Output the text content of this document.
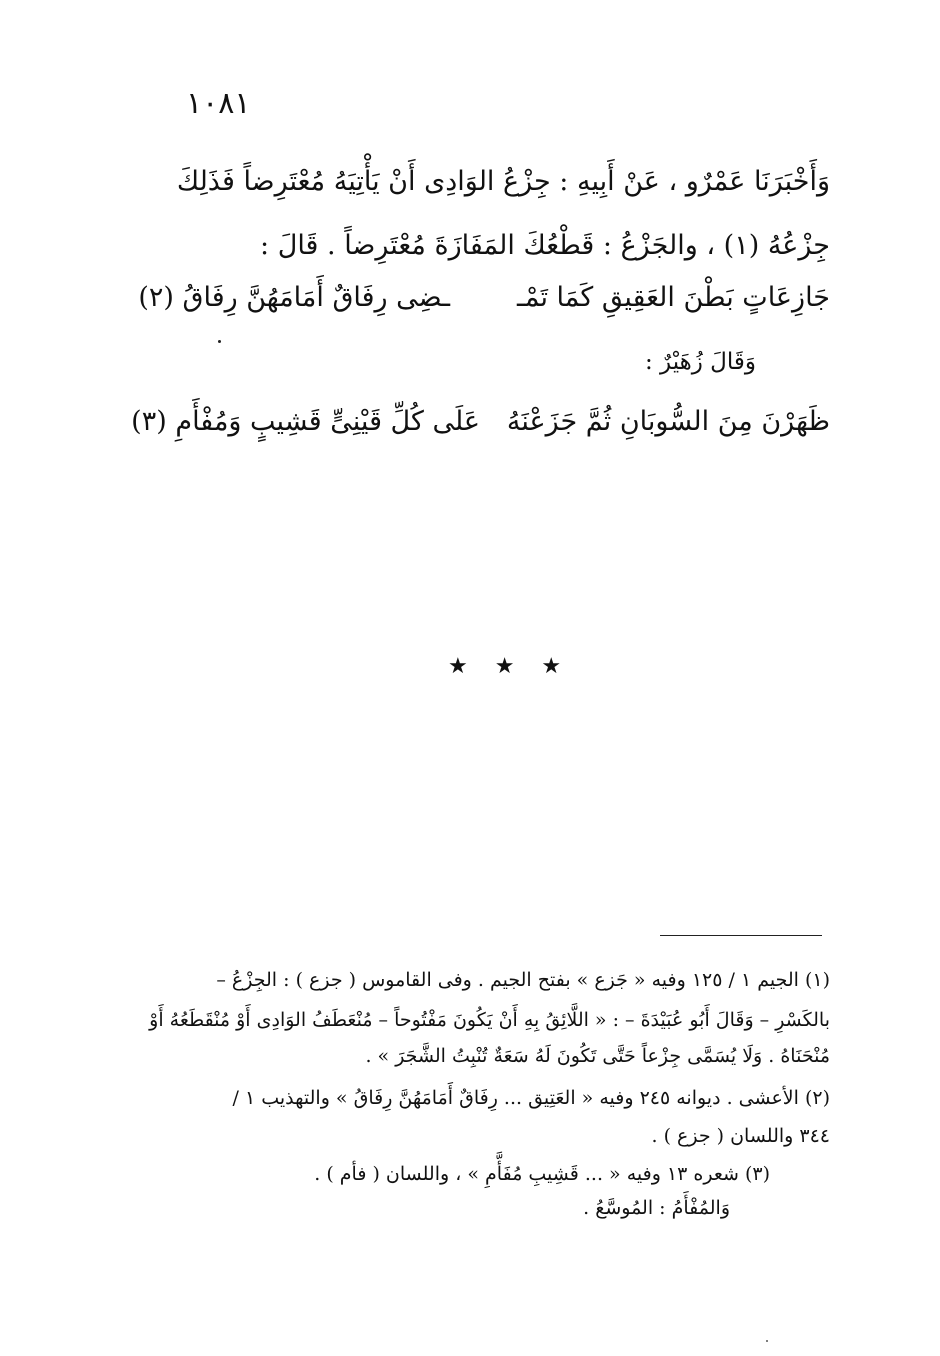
١٠٨١
وَأَخْبَرَنَا عَمْرٌو ، عَنْ أَبِيهِ : جِزْعُ الوَادِى أَنْ يَأْتِيَهُ مُعْتَرِضاً فَذَلِكَ
جِزْعُهُ (١) ، والجَزْعُ : قَطْعُكَ المَفَازَةَ مُعْتَرِضاً . قَالَ :
جَازِعَاتٍ بَطْنَ العَقِيقِ كَمَا تَمْـ
ـضِى رِفَاقٌ أَمَامَهُنَّ رِفَاقُ (٢)
وَقَالَ زُهَيْرٌ :
ظَهَرْنَ مِنَ السُّوبَانِ ثُمَّ جَزَعْنَهُ
عَلَى كُلِّ قَيْنِىٍّ قَشِيبٍ وَمُفْأَمِ (٣)
★ ★ ★
(١) الجيم ١ / ١٢٥ وفيه « جَزع » بفتح الجيم . وفى القاموس ( جزع ) : الجِزْعُ –
بالكَسْرِ – وَقَالَ أَبُو عُبَيْدَةَ – : « اللَّائِقُ بِهِ أَنْ يَكُونَ مَفْتُوحاً – مُنْعَطَفُ الوَادِى أَوْ مُنْقَطَعُهُ أَوْ
مُنْحَنَاهُ . وَلَا يُسَمَّى جِزْعاً حَتَّى تَكُونَ لَهُ سَعَةٌ تُنْبِتُ الشَّجَرَ » .
(٢) الأعشى . ديوانه ٢٤٥ وفيه « العَتِيق ... رِفَاقٌ أَمَامَهُنَّ رِفَاقُ » والتهذيب ١ /
٣٤٤ واللسان ( جزع ) .
(٣) شعره ١٣ وفيه « ... قَشِيبِ مُفَأَّمِ » ، واللسان ( فأم ) .
وَالمُفْأَمُ : المُوسَّعُ .
